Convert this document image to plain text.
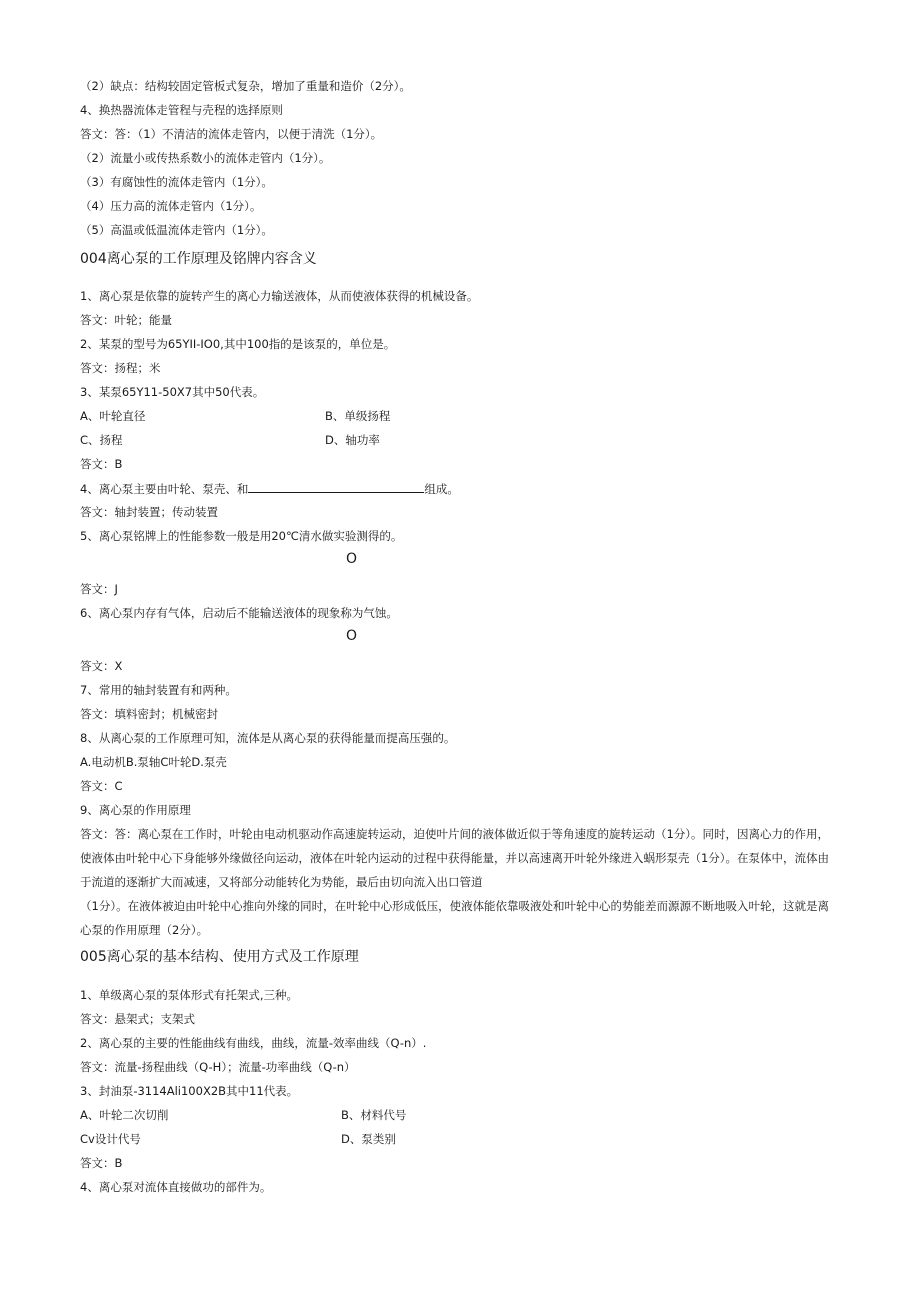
（2）缺点：结构较固定管板式复杂，增加了重量和造价（2分）。
4、换热器流体走管程与壳程的选择原则
答文：答：（1）不清洁的流体走管内，以便于清洗（1分）。
（2）流量小或传热系数小的流体走管内（1分）。
（3）有腐蚀性的流体走管内（1分）。
（4）压力高的流体走管内（1分）。
（5）高温或低温流体走管内（1分）。
004离心泵的工作原理及铭牌内容含义
1、离心泵是依靠的旋转产生的离心力输送液体，从而使液体获得的机械设备。
答文：叶轮；能量
2、某泵的型号为65YII-IO0,其中100指的是该泵的，单位是。
答文：扬程；米
3、某泵65Y11-50X7其中50代表。
A、叶轮直径	B、单级扬程
C、扬程	D、轴功率
答文：B
4、离心泵主要由叶轮、泵壳、和	组成。
答文：轴封装置；传动装置
5、离心泵铭牌上的性能参数一般是用20℃清水做实验测得的。
O
答文：J
6、离心泵内存有气体，启动后不能输送液体的现象称为气蚀。
O
答文：X
7、常用的轴封装置有和两种。
答文：填料密封；机械密封
8、从离心泵的工作原理可知，流体是从离心泵的获得能量而提高压强的。
A.电动机B.泵轴C叶轮D.泵壳
答文：C
9、离心泵的作用原理
答文：答：离心泵在工作时，叶轮由电动机驱动作高速旋转运动，迫使叶片间的液体做近似于等角速度的旋转运动（1分）。同时，因离心力的作用，使液体由叶轮中心下身能够外缘做径向运动，液体在叶轮内运动的过程中获得能量，并以高速离开叶轮外缘进入蜗形泵壳（1分）。在泵体中，流体由于流道的逐渐扩大而减速，又将部分动能转化为势能，最后由切向流入出口管道
（1分）。在液体被迫由叶轮中心推向外缘的同时，在叶轮中心形成低压，使液体能依靠吸液处和叶轮中心的势能差而源源不断地吸入叶轮，这就是离心泵的作用原理（2分）。
005离心泵的基本结构、使用方式及工作原理
1、单级离心泵的泵体形式有托架式,三种。
答文：悬架式；支架式
2、离心泵的主要的性能曲线有曲线，曲线，流量-效率曲线（Q-n）.
答文：流量-扬程曲线（Q-H）；流量-功率曲线（Q-n）
3、封油泵-3114Ali100X2B其中11代表。
A、叶轮二次切削	B、材料代号
Cv设计代号	D、泵类别
答文：B
4、离心泵对流体直接做功的部件为。
